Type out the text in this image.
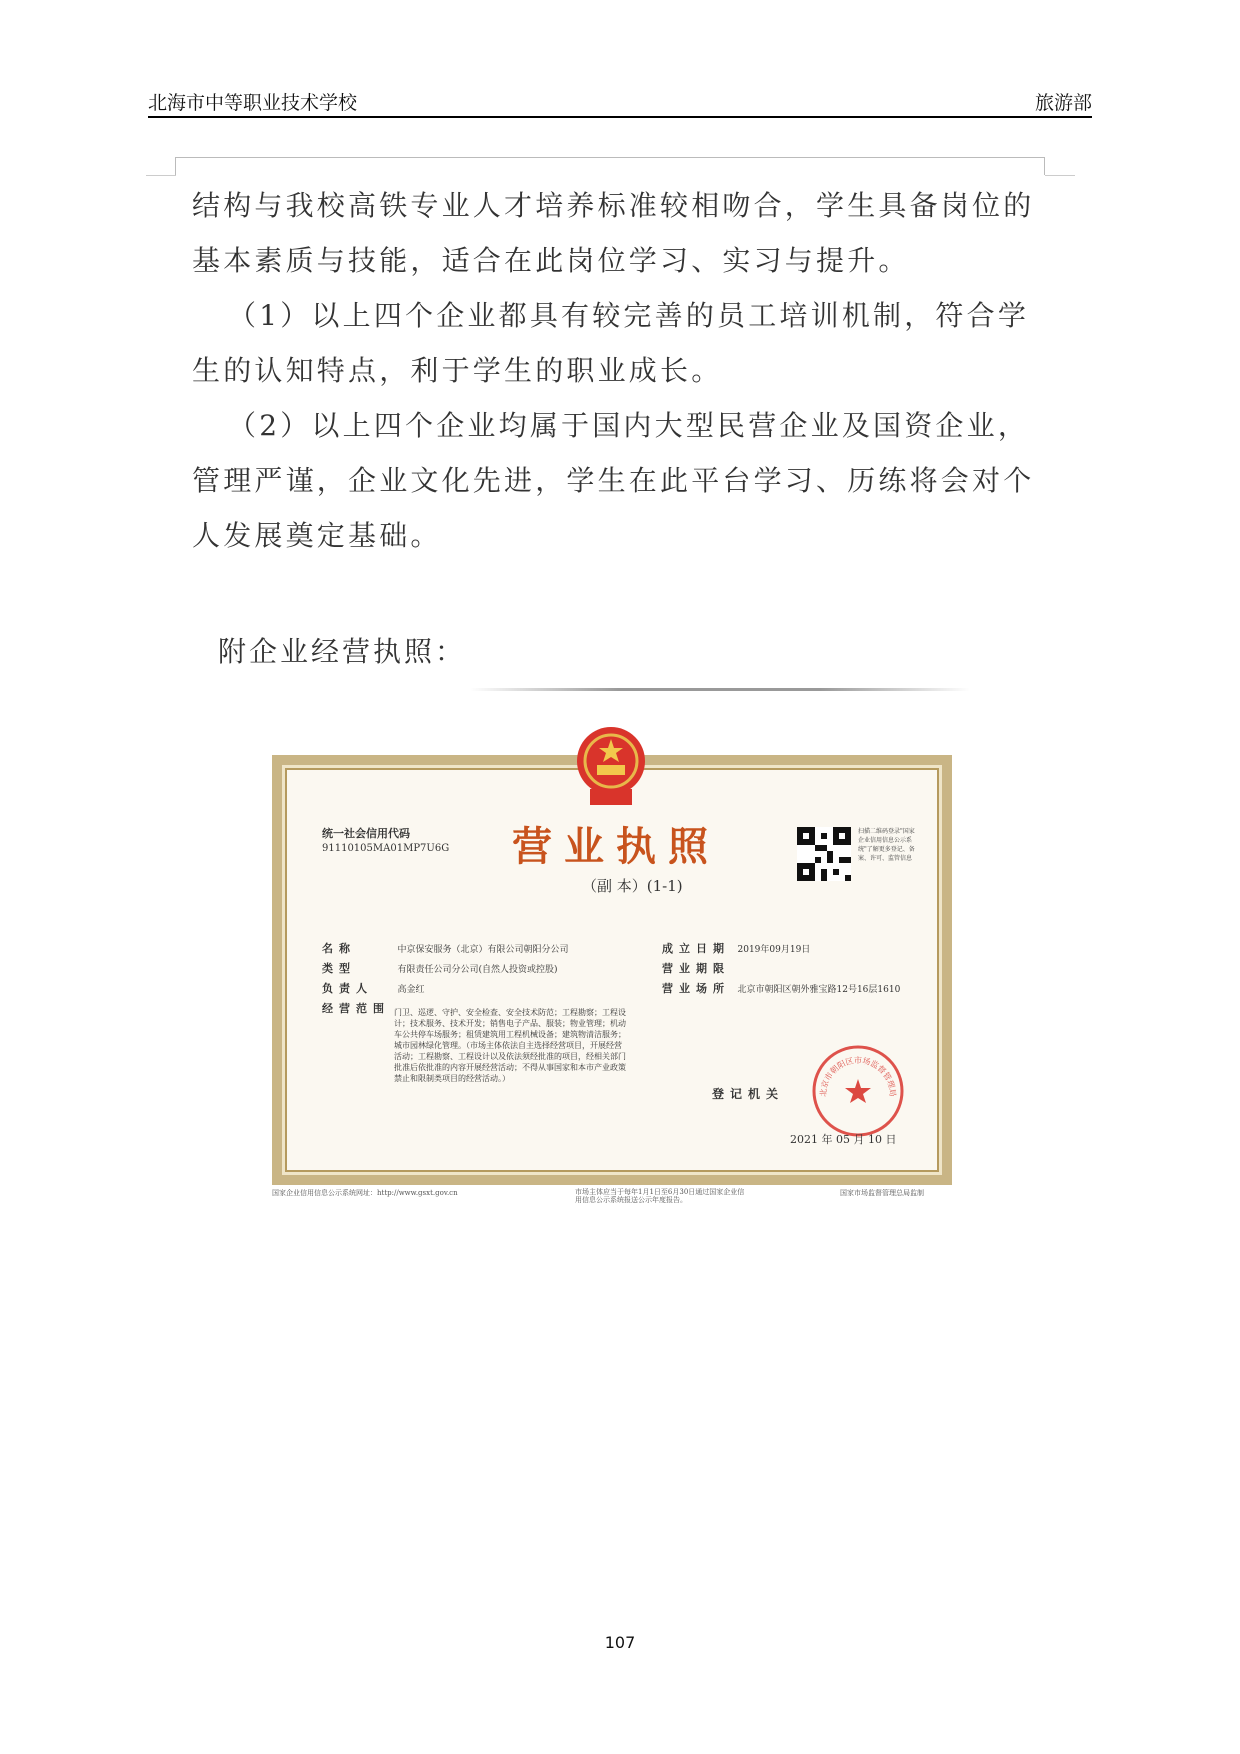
北海市中等职业技术学校	旅游部

结构与我校高铁专业人才培养标准较相吻合，学生具备岗位的基本素质与技能，适合在此岗位学习、实习与提升。

（1）以上四个企业都具有较完善的员工培训机制，符合学生的认知特点，利于学生的职业成长。

（2）以上四个企业均属于国内大型民营企业及国资企业，管理严谨，企业文化先进，学生在此平台学习、历练将会对个人发展奠定基础。

附企业经营执照：
营业执照
（副 本）(1-1)
统一社会信用代码
91110105MA01MP7U6G
扫描二维码登录"国家企业信用信息公示系统"了解更多登记、备案、许可、监管信息
名称	中京保安服务（北京）有限公司朝阳分公司
类型	有限责任公司分公司(自然人投资或控股)
负责人	高金红
经营范围 门卫、巡逻、守护、安全检查、安全技术防范；工程勘察；工程设计；技术服务、技术开发；销售电子产品、服装；物业管理；机动车公共停车场服务；租赁建筑用工程机械设备；建筑物清洁服务；城市园林绿化管理。（市场主体依法自主选择经营项目，开展经营活动；工程勘察、工程设计以及依法须经批准的项目，经相关部门批准后依批准的内容开展经营活动；不得从事国家和本市产业政策禁止和限制类项目的经营活动。）
成立日期 2019年09月19日
营业期限
营业场所 北京市朝阳区朝外雅宝路12号16层1610
登记机关	北京市朝阳区市场监督管理局
2021 年 05 月 10 日
国家企业信用信息公示系统网址：http://www.gsxt.gov.cn	市场主体应当于每年1月1日至6月30日通过国家企业信用信息公示系统报送公示年度报告。
国家市场监督管理总局监制
107
